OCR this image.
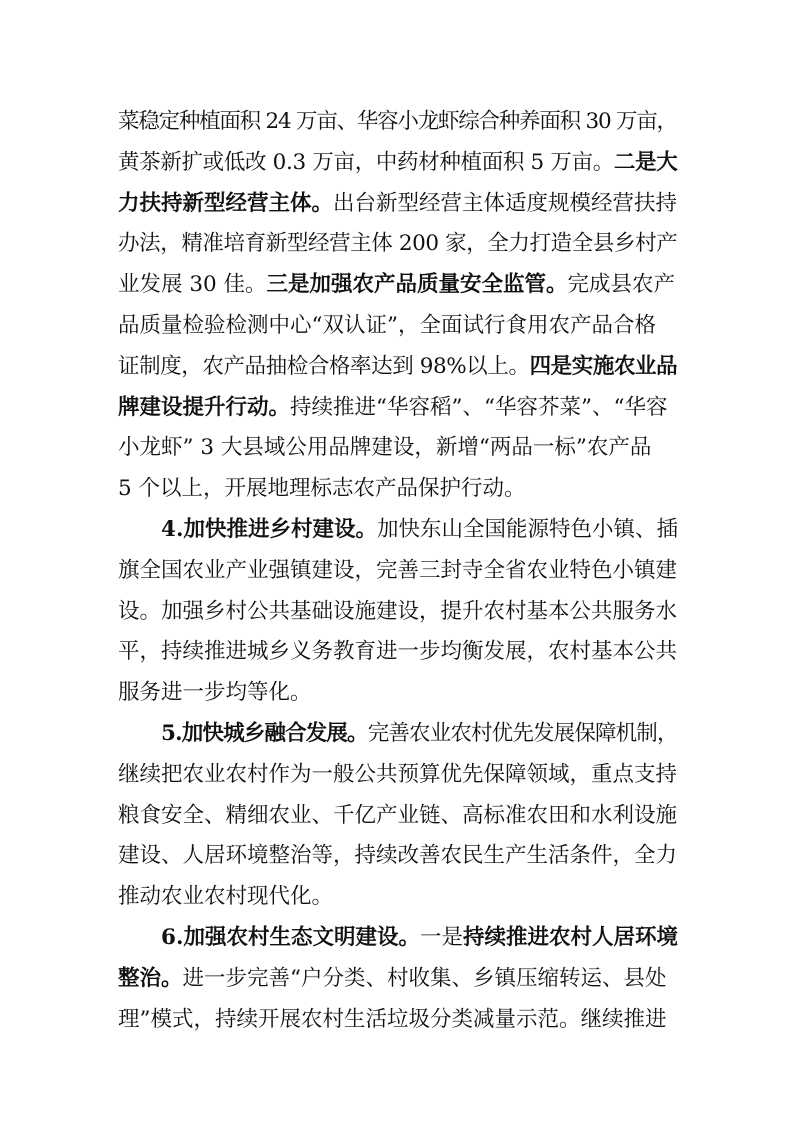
菜稳定种植面积 24 万亩、华容小龙虾综合种养面积 30 万亩，
黄茶新扩或低改 0.3 万亩，中药材种植面积 5 万亩。二是大
力扶持新型经营主体。出台新型经营主体适度规模经营扶持
办法，精准培育新型经营主体 200 家，全力打造全县乡村产
业发展 30 佳。三是加强农产品质量安全监管。完成县农产
品质量检验检测中心“双认证”，全面试行食用农产品合格
证制度，农产品抽检合格率达到 98%以上。四是实施农业品
牌建设提升行动。持续推进“华容稻”、“华容芥菜”、“华容
小龙虾” 3 大县域公用品牌建设，新增“两品一标”农产品
5 个以上，开展地理标志农产品保护行动。
4.加快推进乡村建设。加快东山全国能源特色小镇、插
旗全国农业产业强镇建设，完善三封寺全省农业特色小镇建
设。加强乡村公共基础设施建设，提升农村基本公共服务水
平，持续推进城乡义务教育进一步均衡发展，农村基本公共
服务进一步均等化。
5.加快城乡融合发展。完善农业农村优先发展保障机制，
继续把农业农村作为一般公共预算优先保障领域，重点支持
粮食安全、精细农业、千亿产业链、高标准农田和水利设施
建设、人居环境整治等，持续改善农民生产生活条件，全力
推动农业农村现代化。
6.加强农村生态文明建设。一是持续推进农村人居环境
整治。进一步完善“户分类、村收集、乡镇压缩转运、县处
理”模式，持续开展农村生活垃圾分类减量示范。继续推进
